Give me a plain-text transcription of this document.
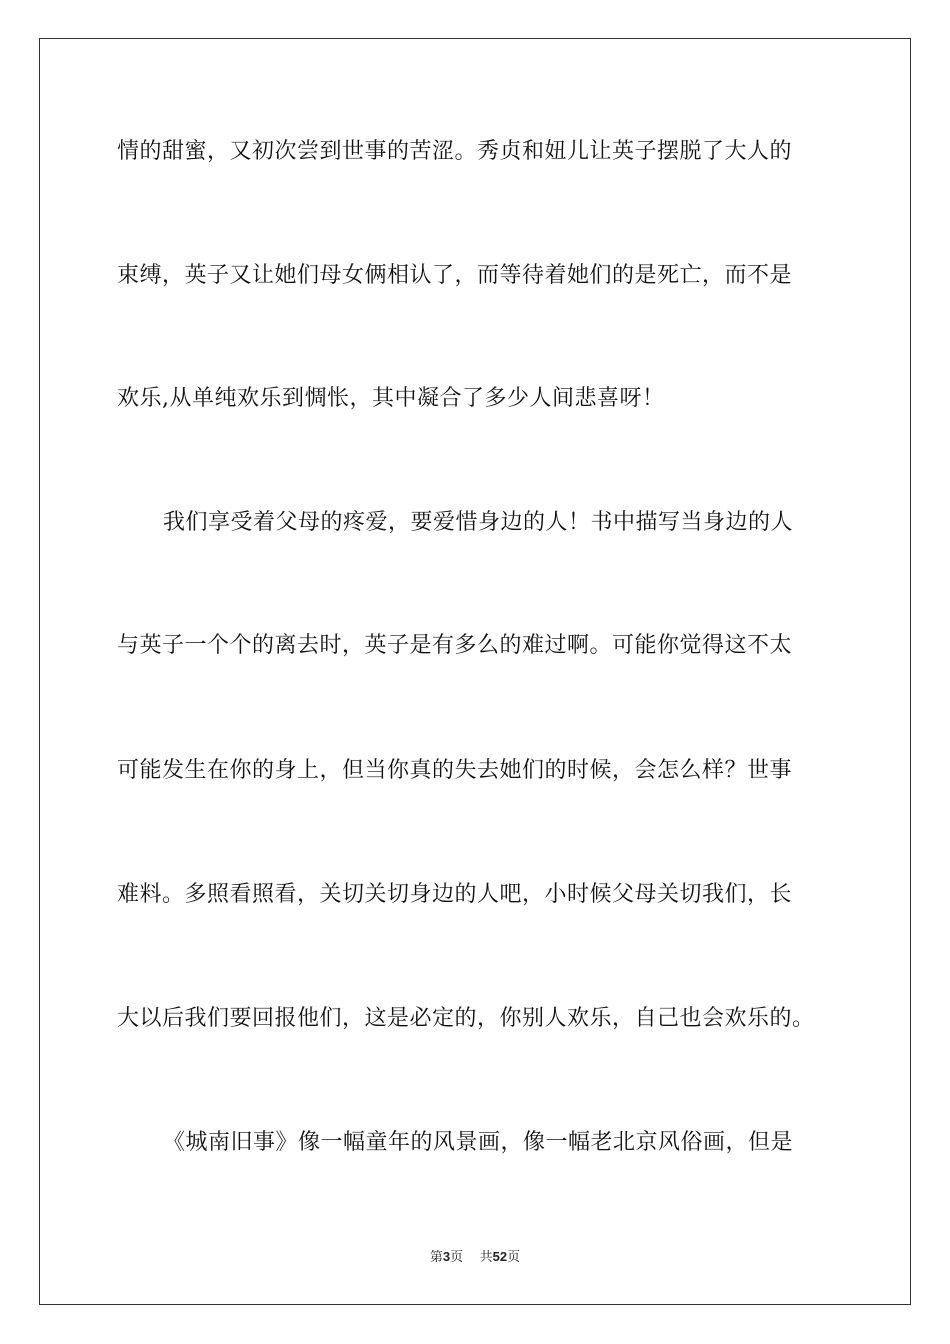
情的甜蜜，又初次尝到世事的苦涩。秀贞和妞儿让英子摆脱了大人的
束缚，英子又让她们母女俩相认了，而等待着她们的是死亡，而不是
欢乐,从单纯欢乐到惆怅，其中凝合了多少人间悲喜呀！
我们享受着父母的疼爱，要爱惜身边的人！书中描写当身边的人
与英子一个个的离去时，英子是有多么的难过啊。可能你觉得这不太
可能发生在你的身上，但当你真的失去她们的时候，会怎么样？世事
难料。多照看照看，关切关切身边的人吧，小时候父母关切我们，长
大以后我们要回报他们，这是必定的，你别人欢乐，自己也会欢乐的。
《城南旧事》像一幅童年的风景画，像一幅老北京风俗画，但是
第3页 共52页
